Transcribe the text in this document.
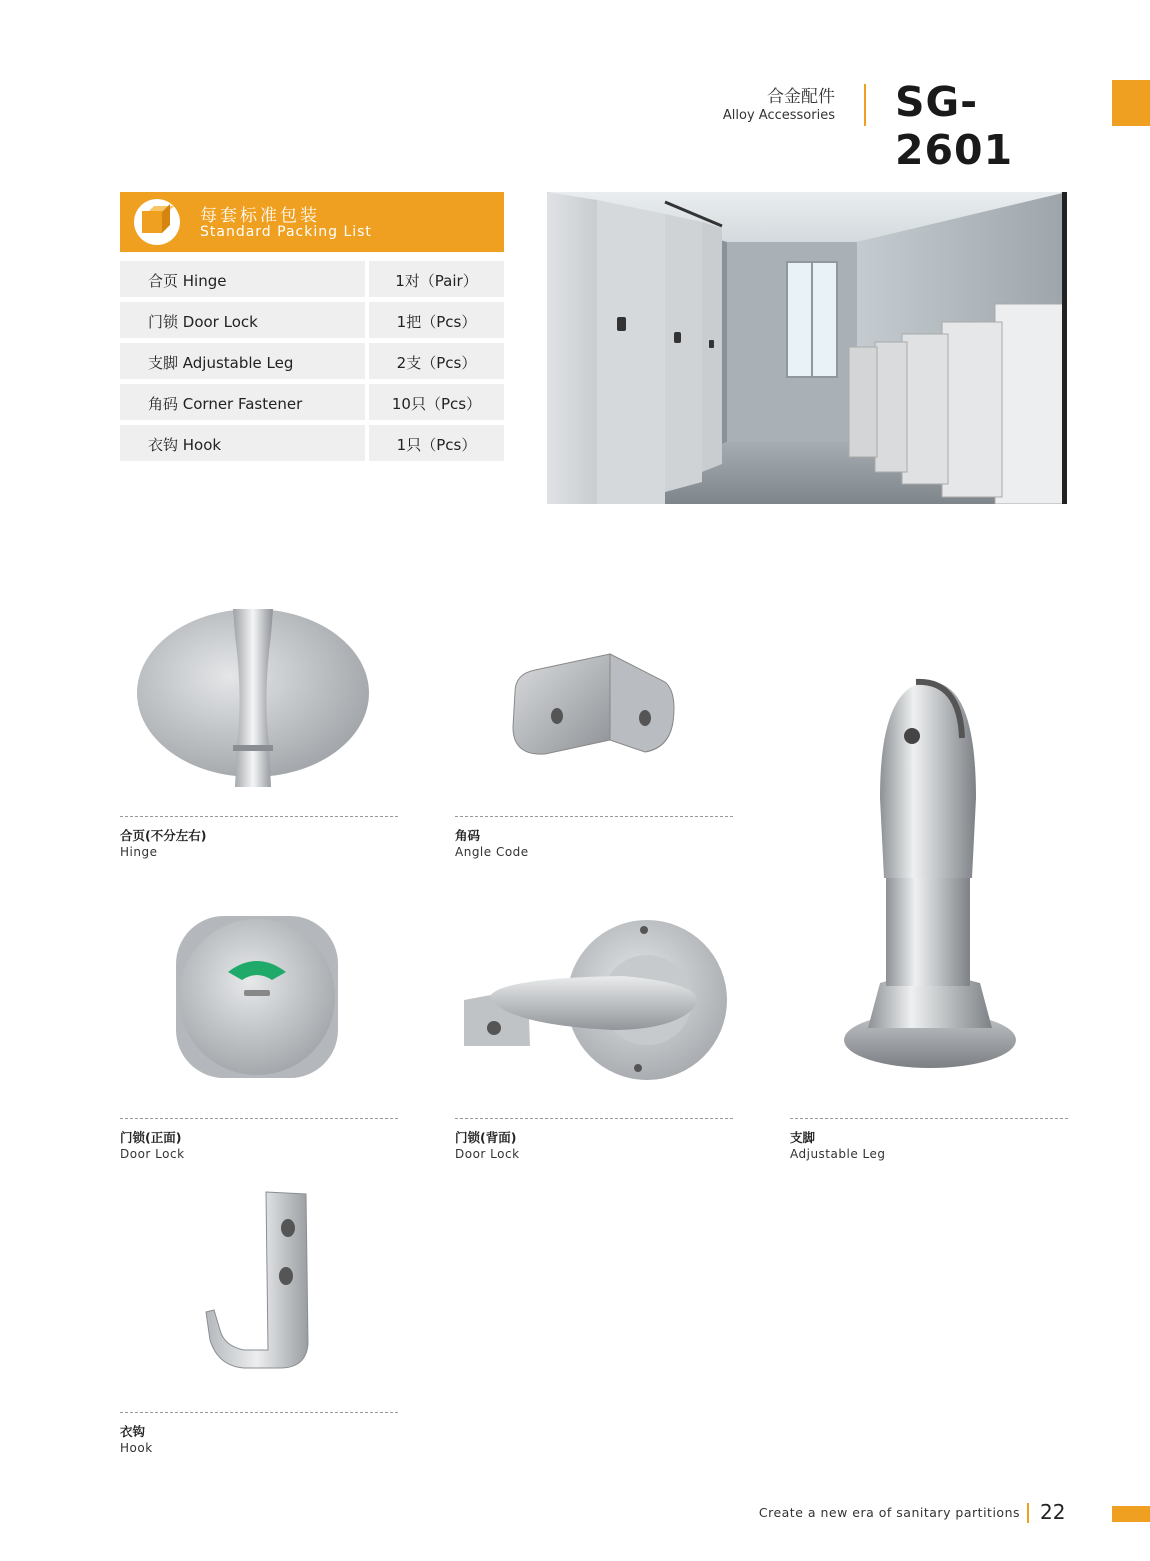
合金配件
Alloy Accessories SG-2601
每套标准包装
Standard Packing List
合页 Hinge	1对（Pair）
门锁 Door Lock	1把（Pcs）
支脚 Adjustable Leg	2支（Pcs）
角码 Corner Fastener	10只（Pcs）
衣钩 Hook	1只（Pcs）
合页(不分左右)
Hinge
角码
Angle Code
支脚
Adjustable Leg
门锁(正面)
Door Lock
门锁(背面)
Door Lock
衣钩
Hook
Create a new era of sanitary partitions 22
